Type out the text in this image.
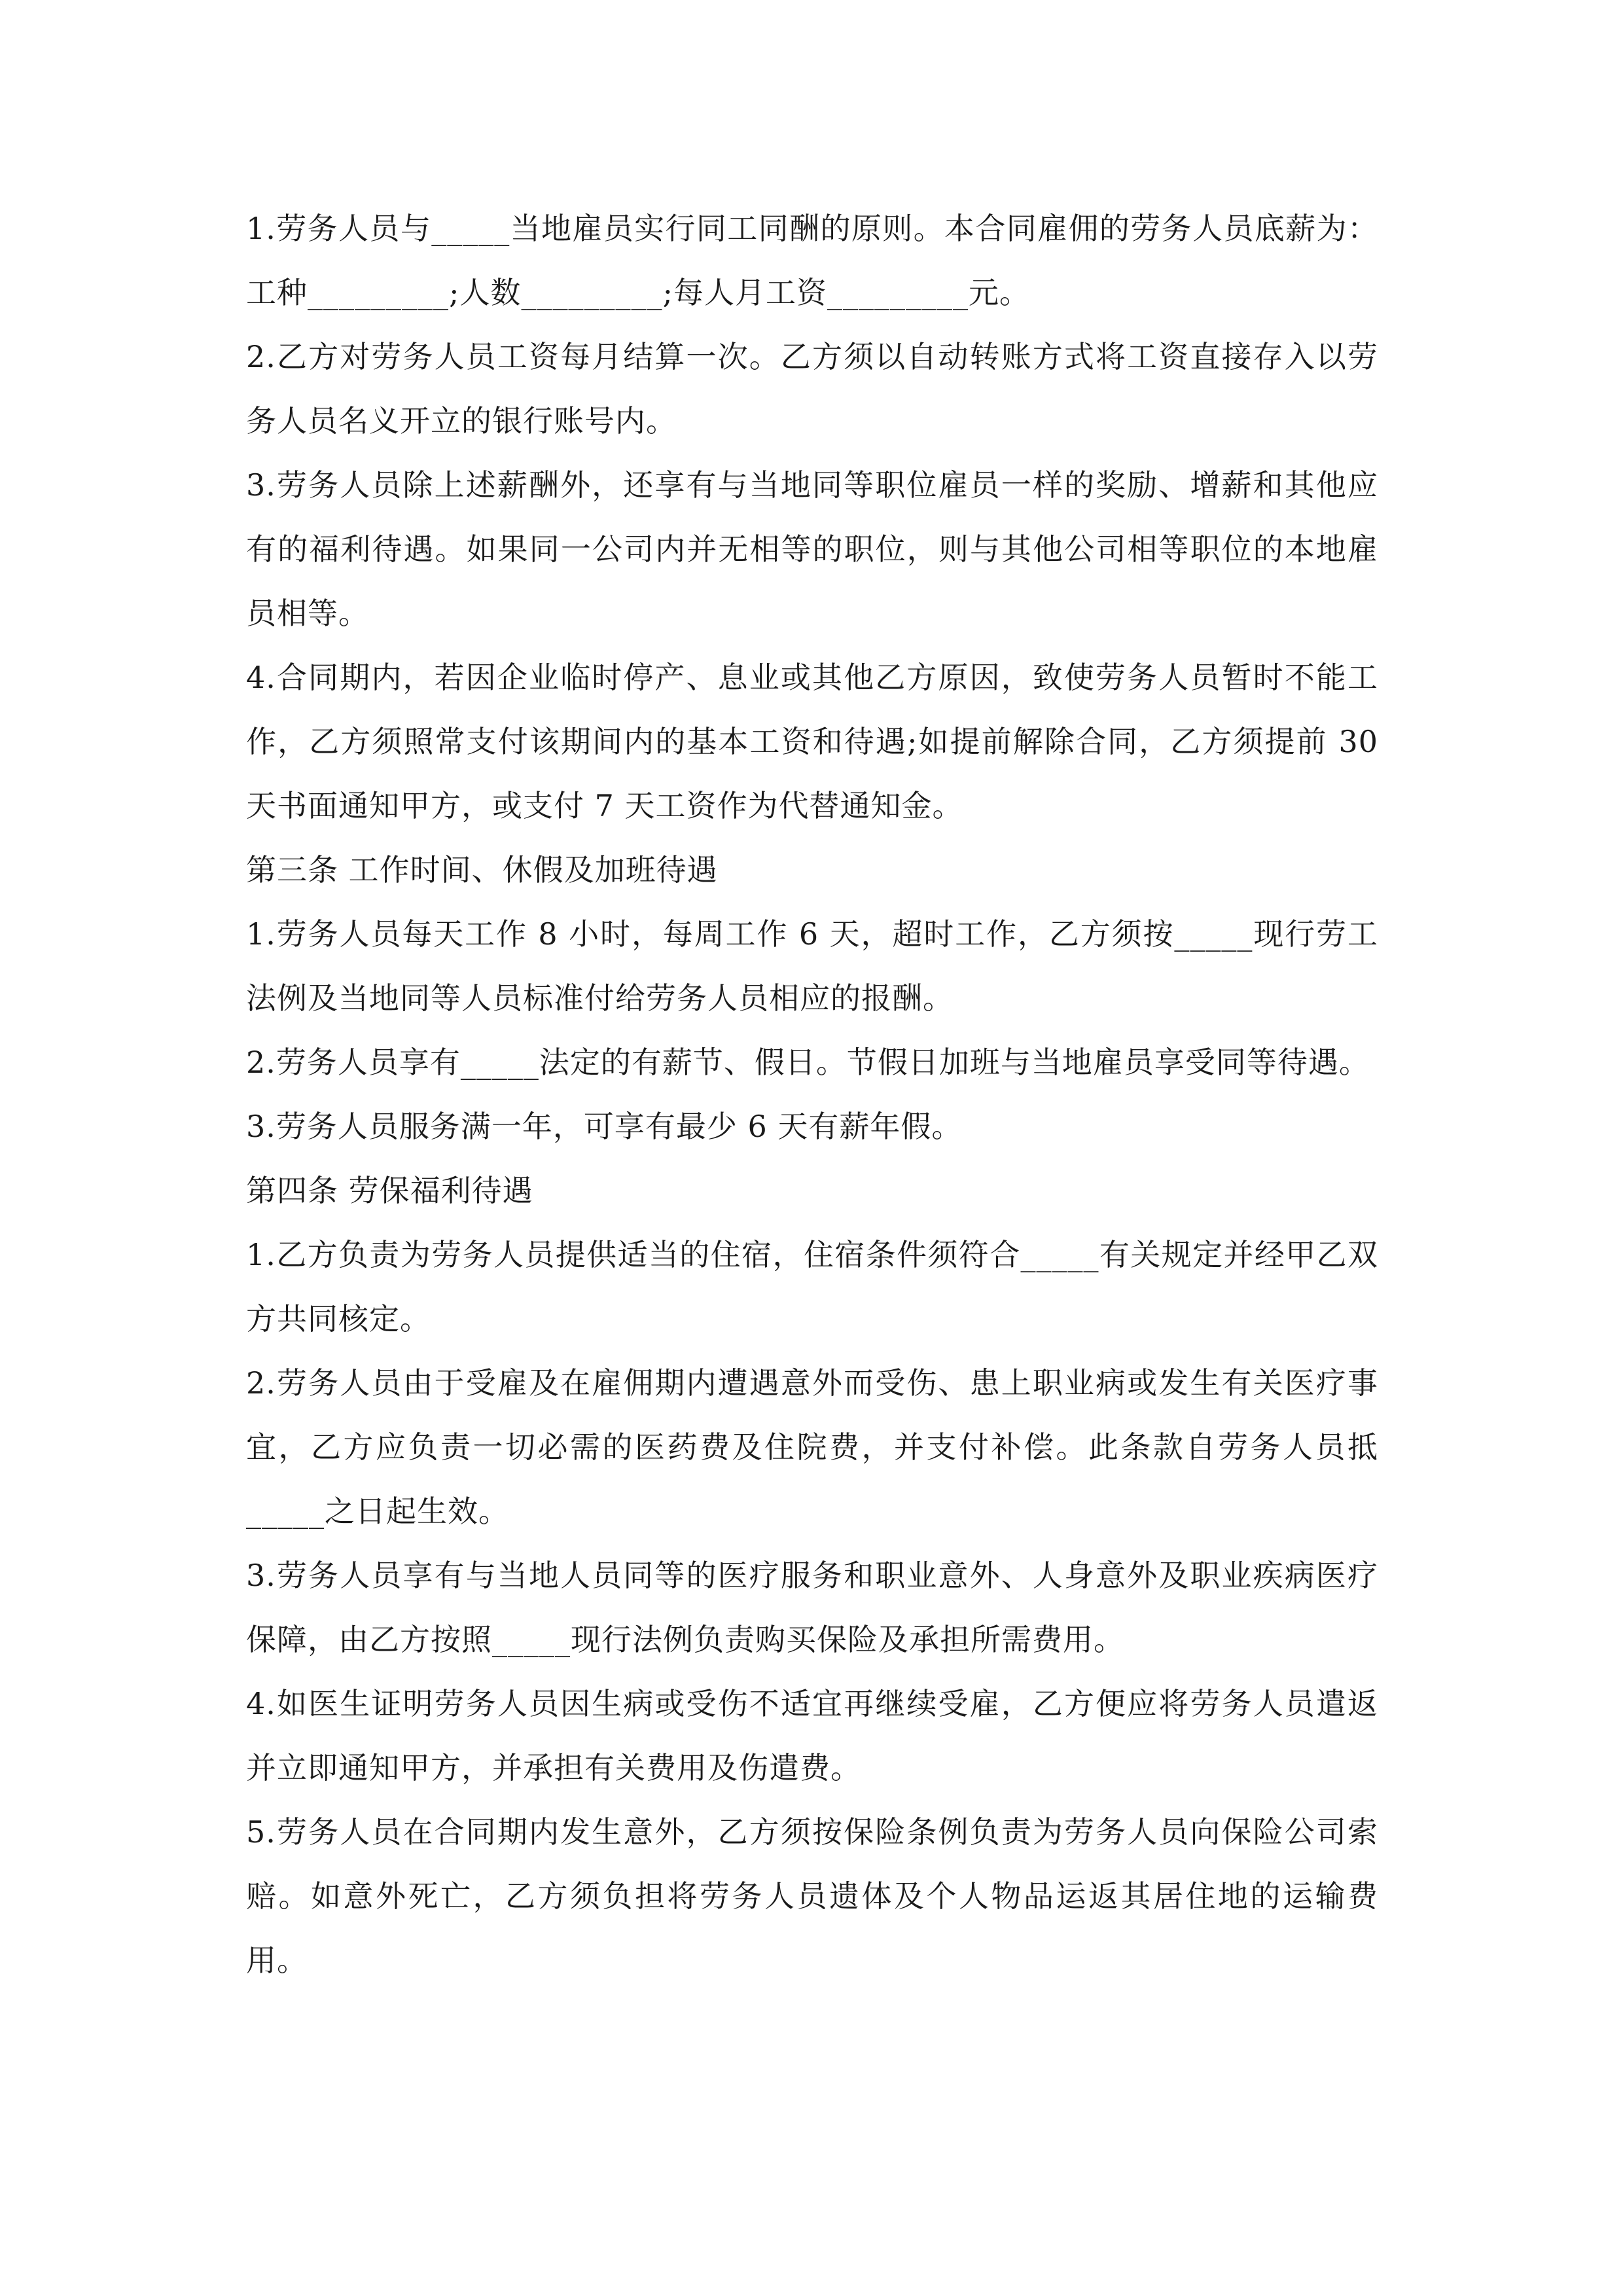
1.劳务人员与_____当地雇员实行同工同酬的原则。本合同雇佣的劳务人员底薪为：工种_________;人数_________;每人月工资_________元。

2.乙方对劳务人员工资每月结算一次。乙方须以自动转账方式将工资直接存入以劳务人员名义开立的银行账号内。

3.劳务人员除上述薪酬外，还享有与当地同等职位雇员一样的奖励、增薪和其他应有的福利待遇。如果同一公司内并无相等的职位，则与其他公司相等职位的本地雇员相等。

4.合同期内，若因企业临时停产、息业或其他乙方原因，致使劳务人员暂时不能工作，乙方须照常支付该期间内的基本工资和待遇;如提前解除合同，乙方须提前 30 天书面通知甲方，或支付 7 天工资作为代替通知金。

第三条 工作时间、休假及加班待遇

1.劳务人员每天工作 8 小时，每周工作 6 天，超时工作，乙方须按_____现行劳工法例及当地同等人员标准付给劳务人员相应的报酬。

2.劳务人员享有_____法定的有薪节、假日。节假日加班与当地雇员享受同等待遇。

3.劳务人员服务满一年，可享有最少 6 天有薪年假。

第四条 劳保福利待遇

1.乙方负责为劳务人员提供适当的住宿，住宿条件须符合_____有关规定并经甲乙双方共同核定。

2.劳务人员由于受雇及在雇佣期内遭遇意外而受伤、患上职业病或发生有关医疗事宜，乙方应负责一切必需的医药费及住院费，并支付补偿。此条款自劳务人员抵_____之日起生效。

3.劳务人员享有与当地人员同等的医疗服务和职业意外、人身意外及职业疾病医疗保障，由乙方按照_____现行法例负责购买保险及承担所需费用。

4.如医生证明劳务人员因生病或受伤不适宜再继续受雇，乙方便应将劳务人员遣返并立即通知甲方，并承担有关费用及伤遣费。

5.劳务人员在合同期内发生意外，乙方须按保险条例负责为劳务人员向保险公司索赔。如意外死亡，乙方须负担将劳务人员遗体及个人物品运返其居住地的运输费用。
